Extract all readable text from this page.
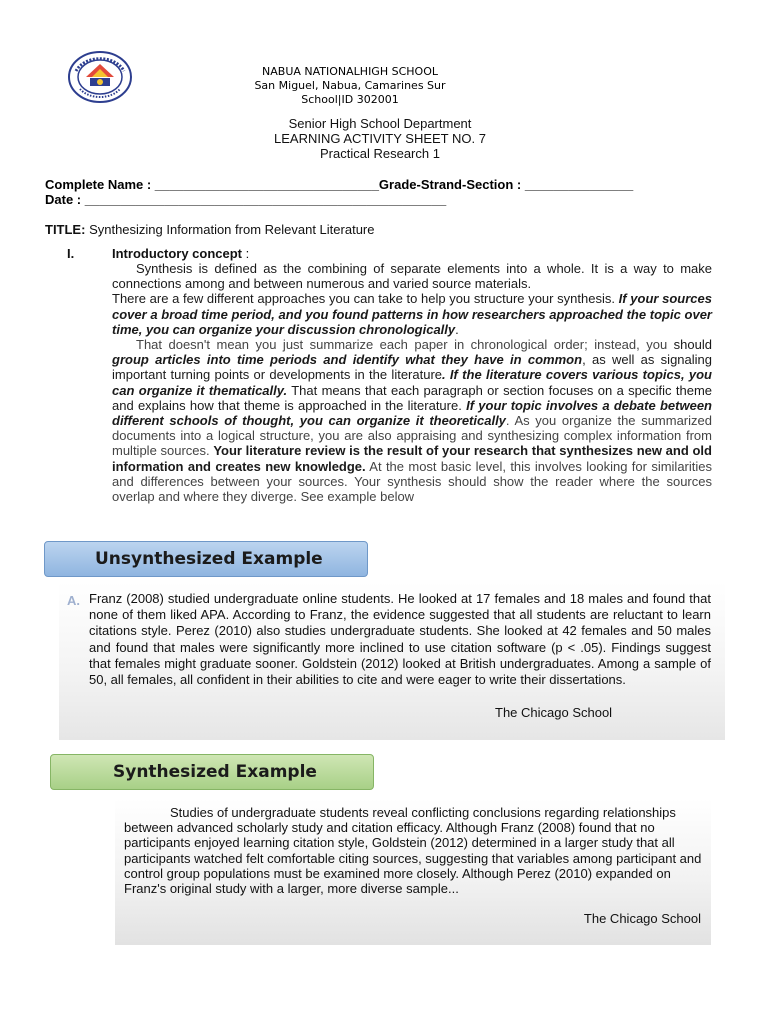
NABUA NATIONALHIGH SCHOOL
San Miguel, Nabua, Camarines Sur
School|ID 302001
Senior High School Department
LEARNING ACTIVITY SHEET NO. 7
Practical Research 1
Complete Name : _______________________________Grade-Strand-Section : _______________
Date : __________________________________________________
TITLE: Synthesizing Information from Relevant Literature
I.	Introductory concept :

Synthesis is defined as the combining of separate elements into a whole. It is a way to make connections among and between numerous and varied source materials.

There are a few different approaches you can take to help you structure your synthesis. If your sources cover a broad time period, and you found patterns in how researchers approached the topic over time, you can organize your discussion chronologically.

That doesn't mean you just summarize each paper in chronological order; instead, you should group articles into time periods and identify what they have in common, as well as signaling important turning points or developments in the literature. If the literature covers various topics, you can organize it thematically. That means that each paragraph or section focuses on a specific theme and explains how that theme is approached in the literature. If your topic involves a debate between different schools of thought, you can organize it theoretically. As you organize the summarized documents into a logical structure, you are also appraising and synthesizing complex information from multiple sources. Your literature review is the result of your research that synthesizes new and old information and creates new knowledge. At the most basic level, this involves looking for similarities and differences between your sources. Your synthesis should show the reader where the sources overlap and where they diverge. See example below

A. Franz (2008) studied undergraduate online students. He looked at 17 females and 18 males and found that none of them liked APA. According to Franz, the evidence suggested that all students are reluctant to learn citations style. Perez (2010) also studies undergraduate students. She looked at 42 females and 50 males and found that males were significantly more inclined to use citation software (p < .05). Findings suggest that females might graduate sooner. Goldstein (2012) looked at British undergraduates. Among a sample of 50, all females, all confident in their abilities to cite and were eager to write their dissertations.
The Chicago School
Unsynthesized Example
Synthesized Example
Studies of undergraduate students reveal conflicting conclusions regarding relationships between advanced scholarly study and citation efficacy. Although Franz (2008) found that no participants enjoyed learning citation style, Goldstein (2012) determined in a larger study that all participants watched felt comfortable citing sources, suggesting that variables among participant and control group populations must be examined more closely. Although Perez (2010) expanded on Franz's original study with a larger, more diverse sample...
The Chicago School
